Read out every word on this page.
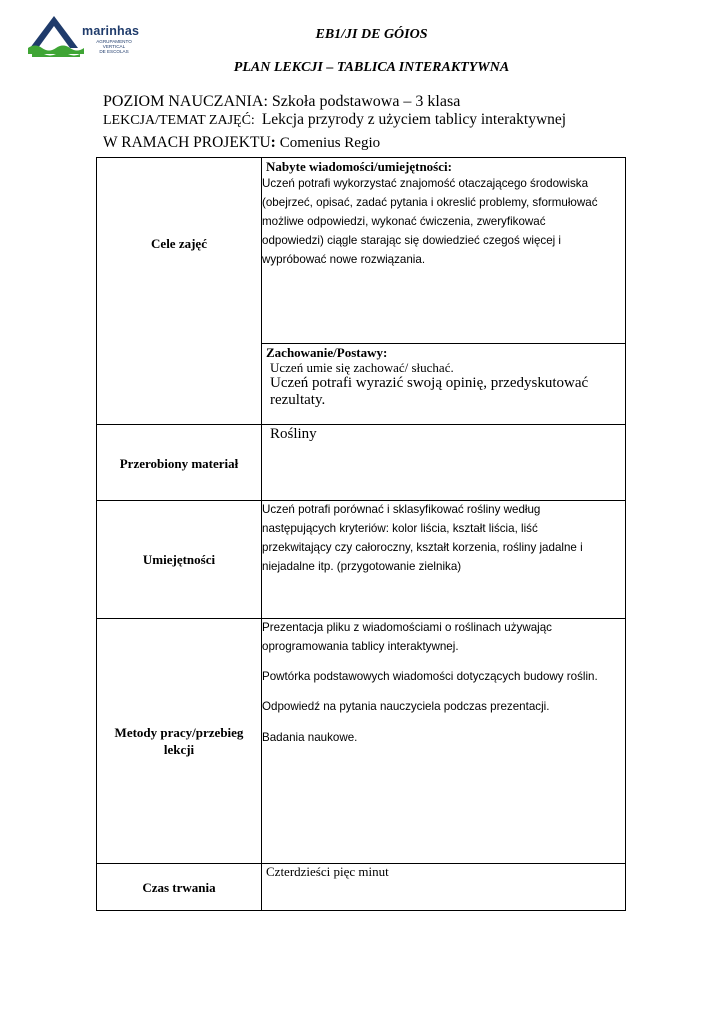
marinhas
AGRUPAMENTO
VERTICAL
DE ESCOLAS
EB1/JI DE GÓIOS
PLAN LEKCJI – TABLICA INTERAKTYWNA
POZIOM NAUCZANIA: Szkoła podstawowa – 3 klasa
LEKCJA/TEMAT ZAJĘĆ: Lekcja przyrody z użyciem tablicy interaktywnej
W RAMACH PROJEKTU: Comenius Regio
Cele zajęć
Nabyte wiadomości/umiejętności:

Uczeń potrafi wykorzystać znajomość otaczającego środowiska

(obejrzeć, opisać, zadać pytania i okreslić problemy, sformułować

możliwe odpowiedzi, wykonać ćwiczenia, zweryfikować

odpowiedzi) ciągle starając się dowiedzieć czegoś więcej i

wypróbować nowe rozwiązania.

Zachowanie/Postawy:
Uczeń umie się zachować/ słuchać.
Uczeń potrafi wyrazić swoją opinię, przedyskutować
rezultaty.
Przerobiony materiał
Rośliny
Umiejętności

Uczeń potrafi porównać i sklasyfikować rośliny według

następujących kryteriów: kolor liścia, kształt liścia, liść

przekwitający czy całoroczny, kształt korzenia, rośliny jadalne i

niejadalne itp. (przygotowanie zielnika)

Metody pracy/przebieg
lekcji

Prezentacja pliku z wiadomościami o roślinach używając

oprogramowania tablicy interaktywnej.

Powtórka podstawowych wiadomości dotyczących budowy roślin.

Odpowiedź na pytania nauczyciela podczas prezentacji.

Badania naukowe.

Czas trwania
Czterdzieści pięc minut
